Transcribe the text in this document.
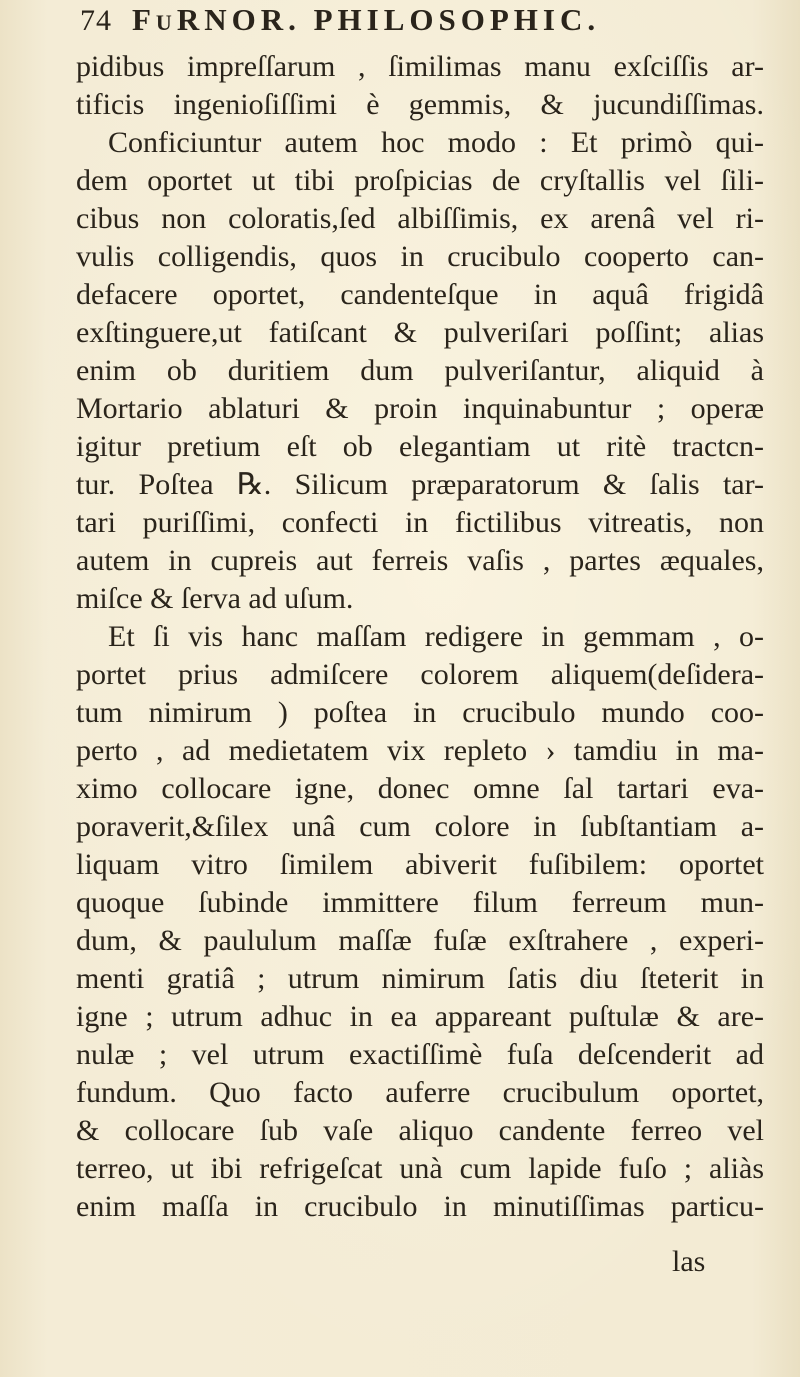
74 FuRNOR. PHILOSOPHIC.
pidibus impreſſarum , ſimilimas manu exſciſſis ar-
tificis ingenioſiſſimi è gemmis, & jucundiſſimas.
Conficiuntur autem hoc modo : Et primò qui-
dem oportet ut tibi proſpicias de cryſtallis vel ſili-
cibus non coloratis,ſed albiſſimis, ex arenâ vel ri-
vulis colligendis, quos in crucibulo cooperto can-
defacere oportet, candenteſque in aquâ frigidâ
exſtinguere,ut fatiſcant & pulveriſari poſſint; alias
enim ob duritiem dum pulveriſantur, aliquid à
Mortario ablaturi & proin inquinabuntur ; operæ
igitur pretium eſt ob elegantiam ut ritè tractcn-
tur. Poſtea ℞. Silicum præparatorum & ſalis tar-
tari puriſſimi, confecti in fictilibus vitreatis, non
autem in cupreis aut ferreis vaſis , partes æquales,
miſce & ſerva ad uſum.
Et ſi vis hanc maſſam redigere in gemmam , o-
portet prius admiſcere colorem aliquem(deſidera-
tum nimirum ) poſtea in crucibulo mundo coo-
perto , ad medietatem vix repleto › tamdiu in ma-
ximo collocare igne, donec omne ſal tartari eva-
poraverit,&ſilex unâ cum colore in ſubſtantiam a-
liquam vitro ſimilem abiverit fuſibilem: oportet
quoque ſubinde immittere filum ferreum mun-
dum, & paululum maſſæ fuſæ exſtrahere , experi-
menti gratiâ ; utrum nimirum ſatis diu ſteterit in
igne ; utrum adhuc in ea appareant puſtulæ & are-
nulæ ; vel utrum exactiſſimè fuſa deſcenderit ad
fundum. Quo facto auferre crucibulum oportet,
& collocare ſub vaſe aliquo candente ferreo vel
terreo, ut ibi refrigeſcat unà cum lapide fuſo ; aliàs
enim maſſa in crucibulo in minutiſſimas particu-
las
